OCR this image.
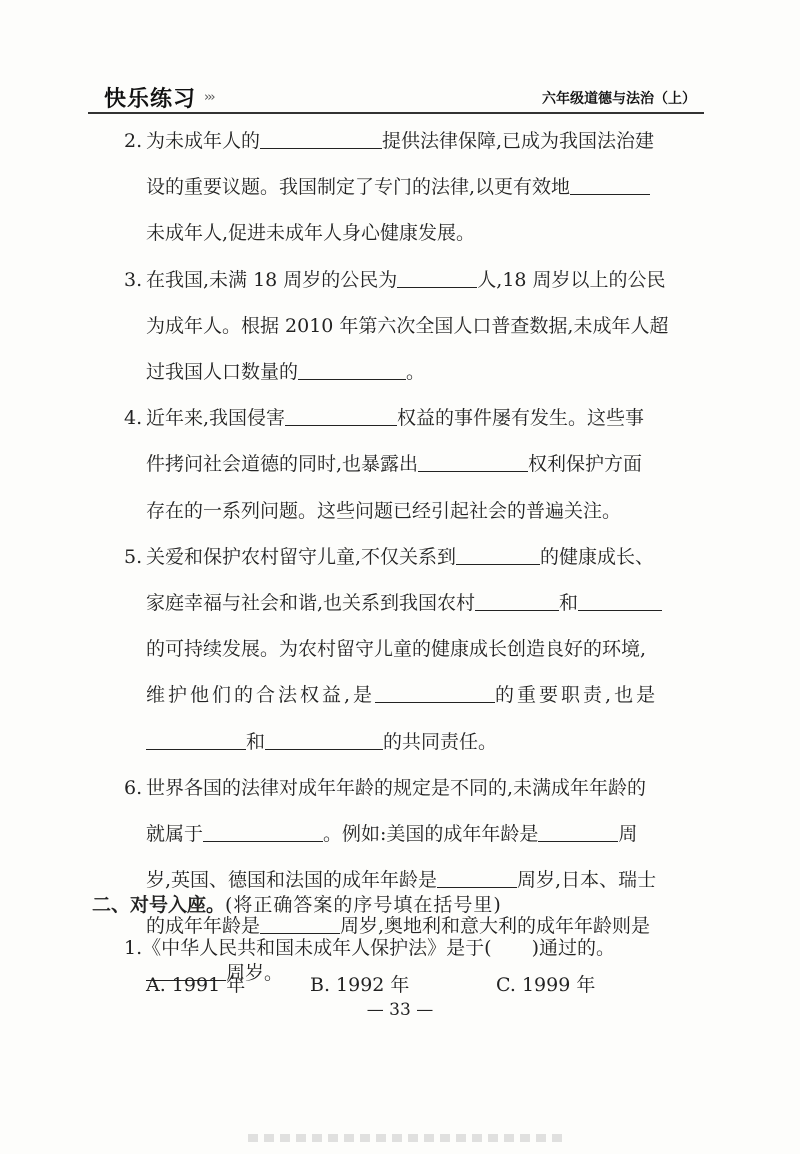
快乐练习 ›››	六年级道德与法治（上）
2. 为未成年人的	提供法律保障,已成为我国法治建
设的重要议题。我国制定了专门的法律,以更有效地
未成年人,促进未成年人身心健康发展。
3. 在我国,未满 18 周岁的公民为	人,18 周岁以上的公民
为成年人。根据 2010 年第六次全国人口普查数据,未成年人超
过我国人口数量的	。
4. 近年来,我国侵害	权益的事件屡有发生。这些事
件拷问社会道德的同时,也暴露出	权利保护方面
存在的一系列问题。这些问题已经引起社会的普遍关注。
5. 关爱和保护农村留守儿童,不仅关系到	的健康成长、
家庭幸福与社会和谐,也关系到我国农村	和
的可持续发展。为农村留守儿童的健康成长创造良好的环境,
维护他们的合法权益,是	的重要职责,也是
和	的共同责任。
6. 世界各国的法律对成年年龄的规定是不同的,未满成年年龄的
就属于	。例如:美国的成年年龄是	周
岁,英国、德国和法国的成年年龄是	周岁,日本、瑞士
的成年年龄是	周岁,奥地利和意大利的成年年龄则是
周岁。
二、对号入座。(将正确答案的序号填在括号里)
1.《中华人民共和国未成年人保护法》是于( )通过的。
A. 1991 年	B. 1992 年	C. 1999 年
— 33 —
